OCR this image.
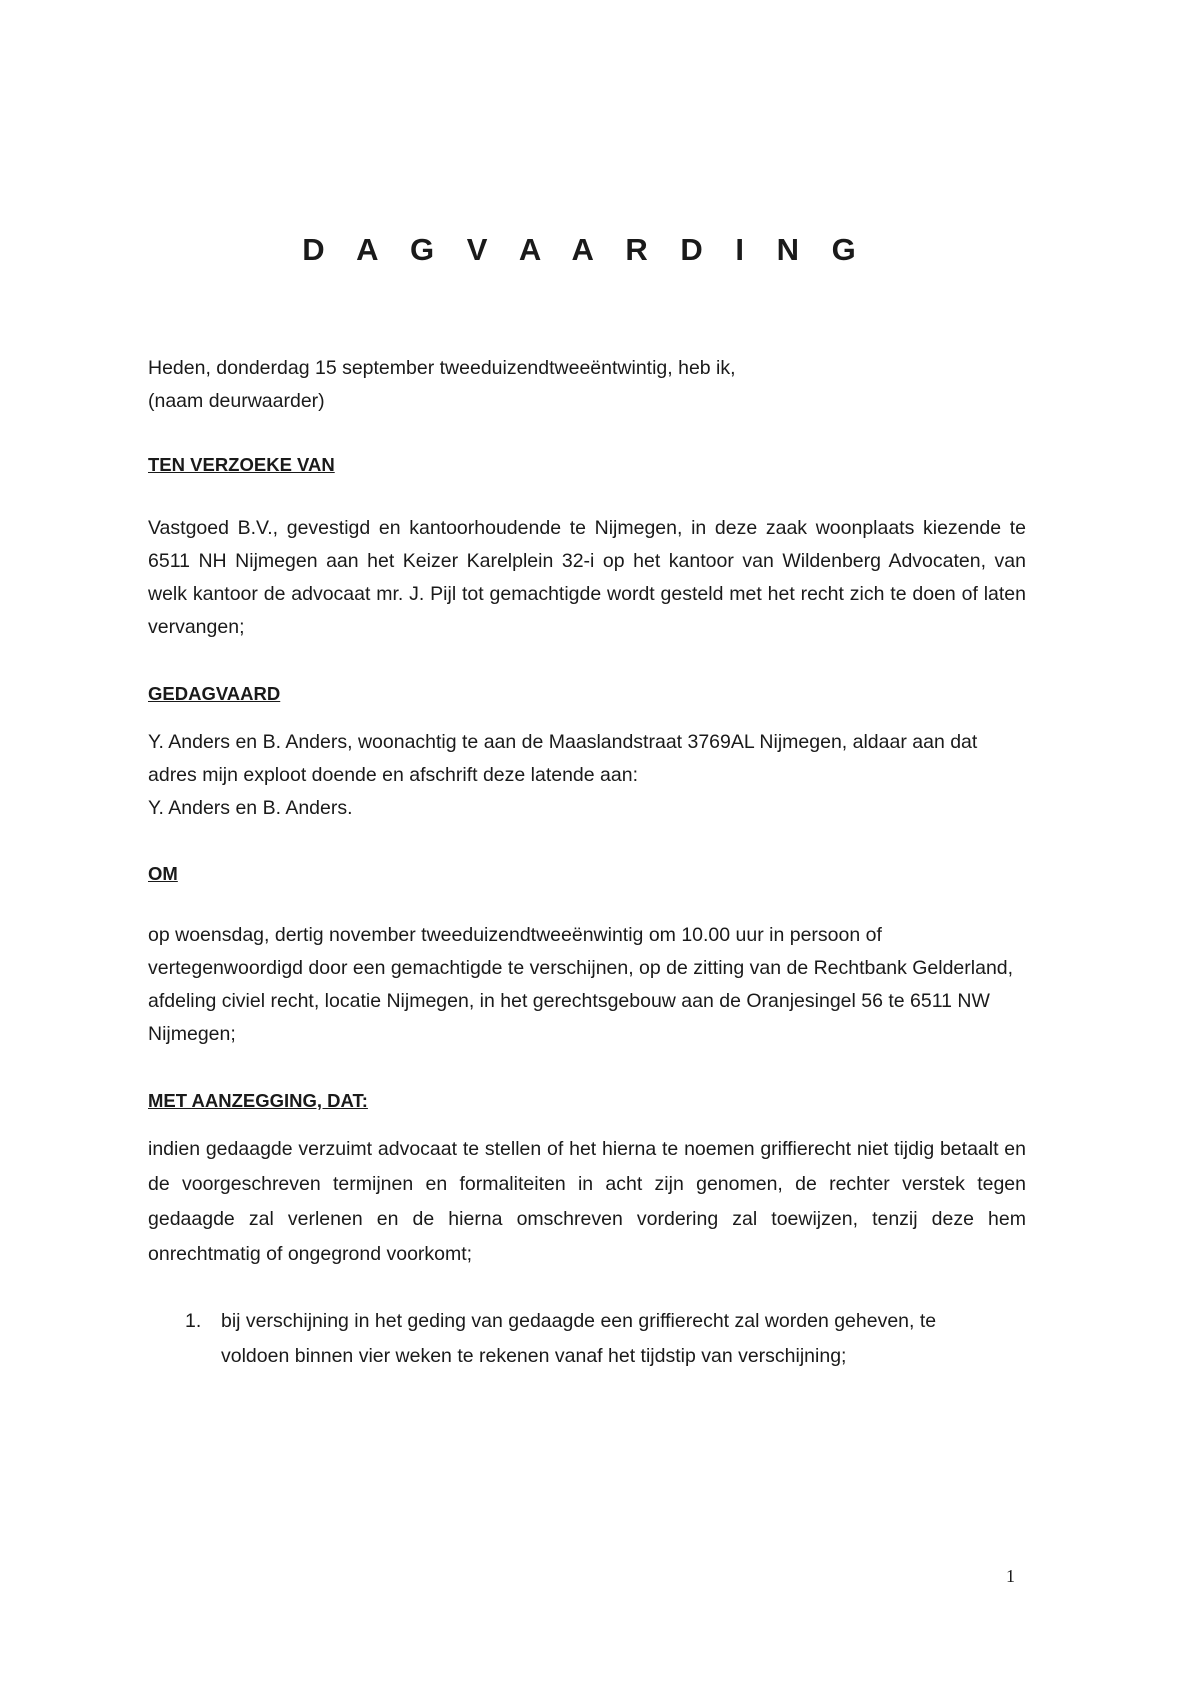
D A G V A A R D I N G

Heden, donderdag 15 september tweeduizendtweeëntwintig, heb ik,

(naam deurwaarder)

TEN VERZOEKE VAN

Vastgoed B.V., gevestigd en kantoorhoudende te Nijmegen, in deze zaak woonplaats kiezende te 6511 NH Nijmegen aan het Keizer Karelplein 32-i op het kantoor van Wildenberg Advocaten, van welk kantoor de advocaat mr. J. Pijl tot gemachtigde wordt gesteld met het recht zich te doen of laten vervangen;

GEDAGVAARD

Y. Anders en B. Anders, woonachtig te aan de Maaslandstraat 3769AL Nijmegen, aldaar aan dat adres mijn exploot doende en afschrift deze latende aan:

Y. Anders en B. Anders.

OM

op woensdag, dertig november tweeduizendtweeënwintig om 10.00 uur in persoon of vertegenwoordigd door een gemachtigde te verschijnen, op de zitting van de Rechtbank Gelderland, afdeling civiel recht, locatie Nijmegen, in het gerechtsgebouw aan de Oranjesingel 56 te 6511 NW Nijmegen;

MET AANZEGGING, DAT:

indien gedaagde verzuimt advocaat te stellen of het hierna te noemen griffierecht niet tijdig betaalt en de voorgeschreven termijnen en formaliteiten in acht zijn genomen, de rechter verstek tegen gedaagde zal verlenen en de hierna omschreven vordering zal toewijzen, tenzij deze hem onrechtmatig of ongegrond voorkomt;

1. bij verschijning in het geding van gedaagde een griffierecht zal worden geheven, te voldoen binnen vier weken te rekenen vanaf het tijdstip van verschijning;
1
